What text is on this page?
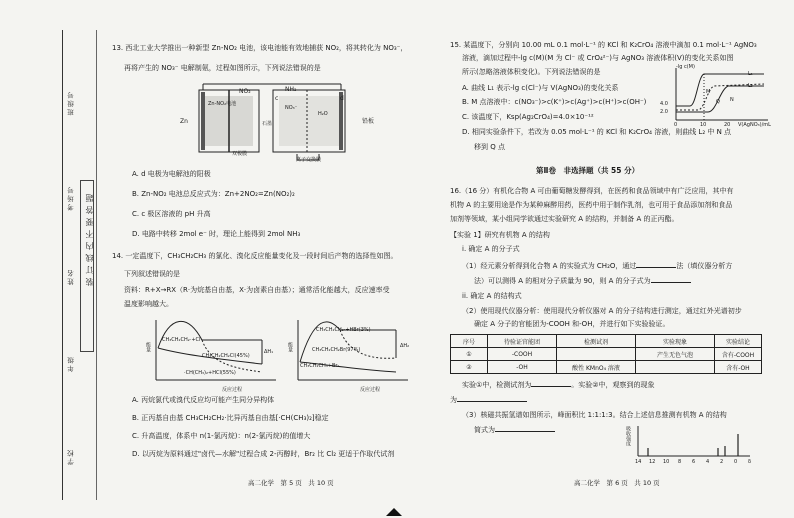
班级号
考场号 装订线内不要答题
姓名
年级
学校
13. 西北工业大学推出一种新型 Zn-NO₂ 电池，该电池能有效地捕获 NO₂，将其转化为 NO₃⁻，
再将产生的 NO₃⁻ 电解制氨，过程如图所示，下列说法错误的是
Zn
Zn-NO₂电池
NO₂
双极膜
c
NH₃
石墨
NO₃⁻
H₂O
d
铅板
离子交换膜
A. d 电极为电解池的阳极
B. Zn-NO₂ 电池总反应式为：Zn+2NO₂=Zn(NO₂)₂
C. c 极区溶液的 pH 升高
D. 电路中转移 2mol e⁻ 时，理论上能得到 2mol NH₃
14. 一定温度下，CH₃CH₂CH₃ 的氯化、溴化反应能量变化及一段时间后产物的选择性如图。
下列叙述错误的是
资料：R+X→RX（R·为烷基自由基，X·为卤素自由基）；通常活化能越大，反应速率受
温度影响越大。
能量
CH₃CH₂CH₂·+Cl·
CH₃CH₂CH₂Cl(45%)
·CH(CH₃)₂+HCl(55%)
ΔH₁
反应过程
能量
CH₃CH₂CH₂·+HBr(3%)
CH₃CH₂CH₂Br(97%)
CH₃CH₂CH₃+Br·
ΔH₂
反应过程
A. 丙烷氯代或溴代反应均可能产生同分异构体
B. 正丙基自由基 CH₃CH₂CH₂·比异丙基自由基[·CH(CH₃)₂]稳定
C. 升高温度，体系中 n(1-氯丙烷)：n(2-氯丙烷)的值增大
D. 以丙烷为原料通过"卤代—水解"过程合成 2-丙醇时，Br₂ 比 Cl₂ 更适于作取代试剂
高二化学　第 5 页　共 10 页
15. 某温度下，分别向 10.00 mL 0.1 mol·L⁻¹ 的 KCl 和 K₂CrO₄ 溶液中滴加 0.1 mol·L⁻¹ AgNO₃
溶液，滴加过程中-lg c(M)(M 为 Cl⁻ 或 CrO₄²⁻)与 AgNO₃ 溶液体积(V)的变化关系如图
所示(忽略溶液体积变化)。下列说法错误的是
-lg c(M)
L₁
L₂
4.0
2.0
M
N
Q
0	10	20 V(AgNO₃)/mL
A. 曲线 L₁ 表示-lg c(Cl⁻)与 V(AgNO₃)的变化关系
B. M 点溶液中：c(NO₃⁻)>c(K⁺)>c(Ag⁺)>c(H⁺)>c(OH⁻)
C. 该温度下，Ksp(Ag₂CrO₄)=4.0×10⁻¹²
D. 相同实验条件下，若改为 0.05 mol·L⁻¹ 的 KCl 和 K₂CrO₄ 溶液，则曲线 L₂ 中 N 点
移到 Q 点
第Ⅱ卷　非选择题（共 55 分）
16.（16 分）有机化合物 A 可由葡萄糖发酵得到，在医药和食品领域中有广泛应用，其中有
机物 A 的主要用途是作为某种麻醉用药，医药中用于制作乳剂，也可用于食品添加剂和食品
加剂等领域，某小组同学欲通过实验研究 A 的结构，并制备 A 的正丙酯。
【实验 1】研究有机物 A 的结构
i. 确定 A 的分子式
（1）经元素分析得到化合物 A 的实验式为 CH₂O，通过	法（填仪器分析方
法）可以测得 A 的相对分子质量为 90，则 A 的分子式为
ii. 确定 A 的结构式
（2）使用现代仪器分析：使用现代分析仪器对 A 的分子结构进行测定，通过红外光谱初步
确定 A 分子的官能团为-COOH 和-OH，并进行如下实验验证。
序号	待验证官能团	检测试剂	实验现象	实验结论
①	-COOH		产生无色气泡	含有-COOH
②	-OH	酸性 KMnO₄ 溶液		含有-OH
实验①中，检测试剂为	。实验②中，观察到的现象
为
（3）核磁共振氢谱如图所示，峰面积比 1:1:1:3。结合上述信息推测有机物 A 的结构
简式为	吸收强度
14 12 10 8 6 4 2 0 δ
高二化学　第 6 页　共 10 页
